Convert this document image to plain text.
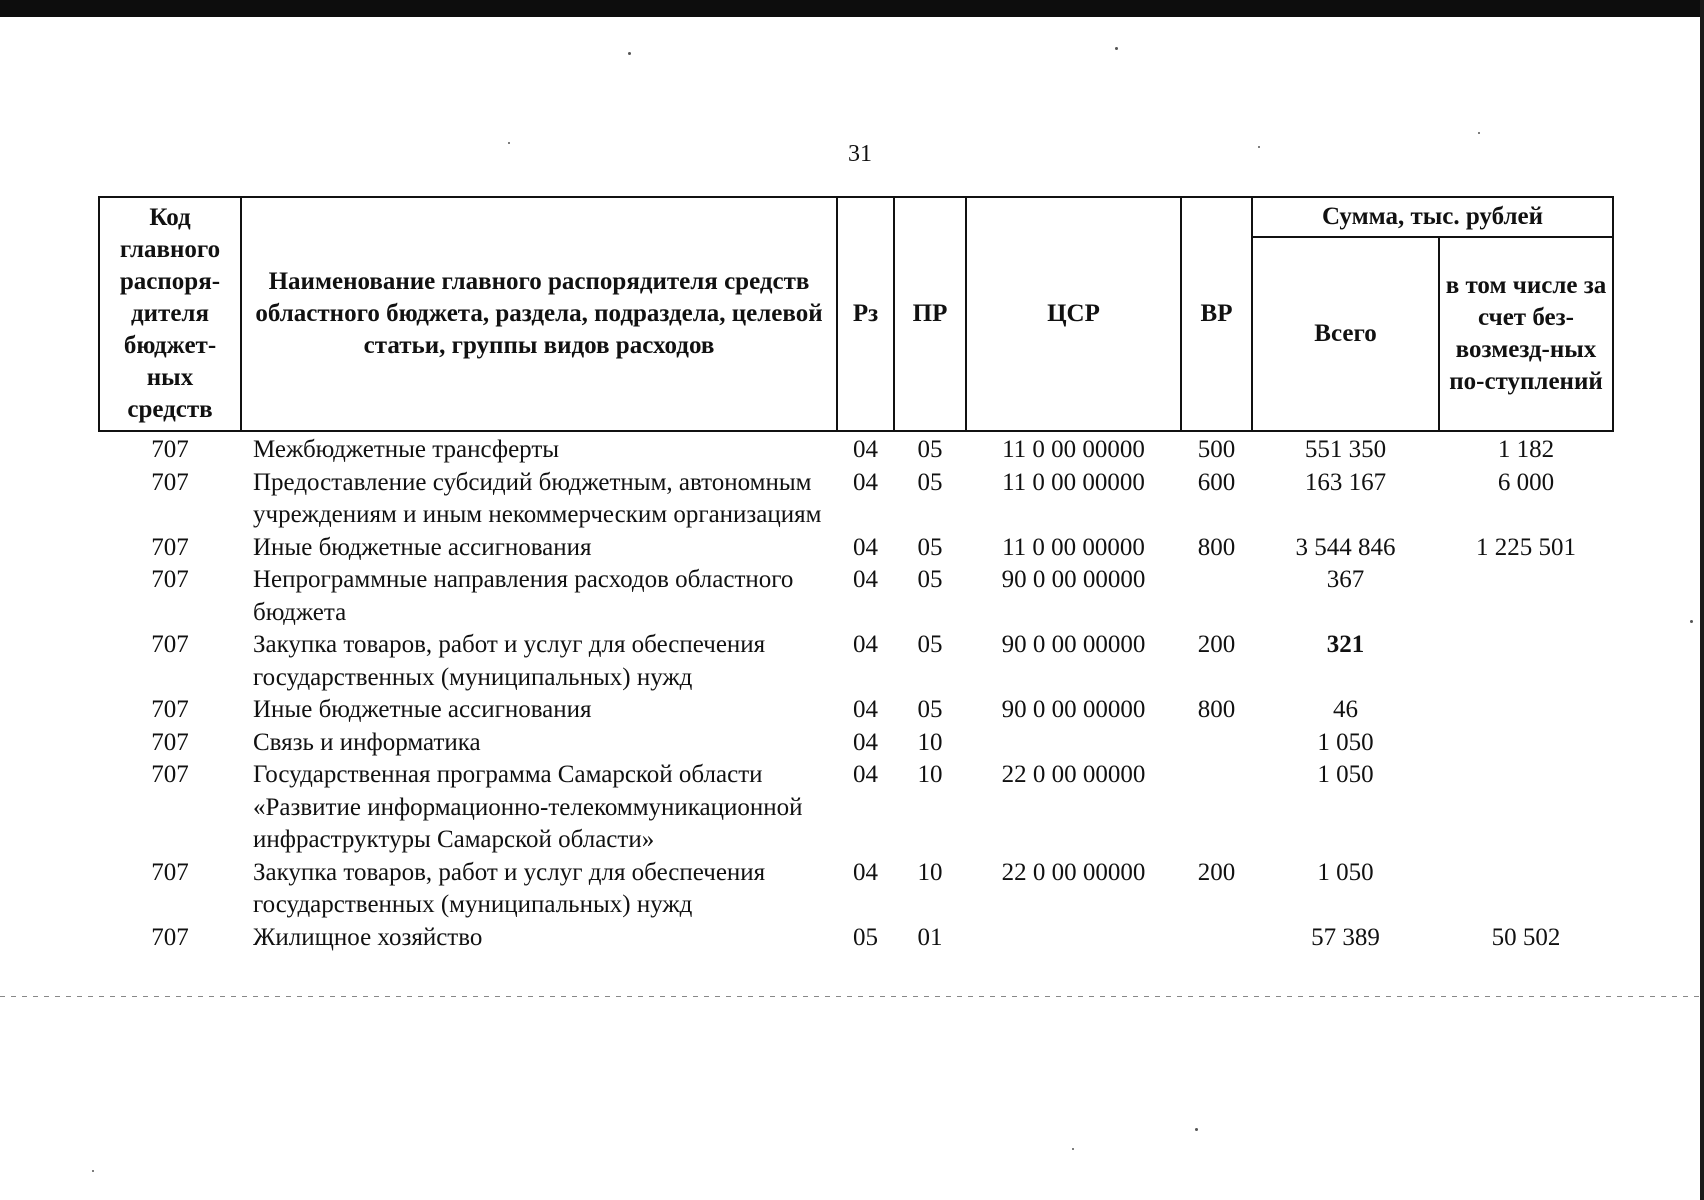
31
Код главного распоря-дителя бюджет-ных средств	Наименование главного распорядителя средств областного бюджета, раздела, подраздела, целевой статьи, группы видов расходов	Рз	ПР	ЦСР	ВР	Сумма, тыс. рублей	
						Всего	в том числе за счет без-возмезд-ных по-ступлений
707	Межбюджетные трансферты	04	05	11 0 00 00000	500	551 350	1 182
707	Предоставление субсидий бюджетным, автономным учреждениям и иным некоммерческим организациям	04	05	11 0 00 00000	600	163 167	6 000
707	Иные бюджетные ассигнования	04	05	11 0 00 00000	800	3 544 846	1 225 501
707	Непрограммные направления расходов областного бюджета	04	05	90 0 00 00000		367	
707	Закупка товаров, работ и услуг для обеспечения государственных (муниципальных) нужд	04	05	90 0 00 00000	200	321	
707	Иные бюджетные ассигнования	04	05	90 0 00 00000	800	46	
707	Связь и информатика	04	10			1 050	
707	Государственная программа Самарской области «Развитие информационно-телекоммуникационной инфраструктуры Самарской области»	04	10	22 0 00 00000		1 050	
707	Закупка товаров, работ и услуг для обеспечения государственных (муниципальных) нужд	04	10	22 0 00 00000	200	1 050	
707	Жилищное хозяйство	05	01			57 389	50 502
